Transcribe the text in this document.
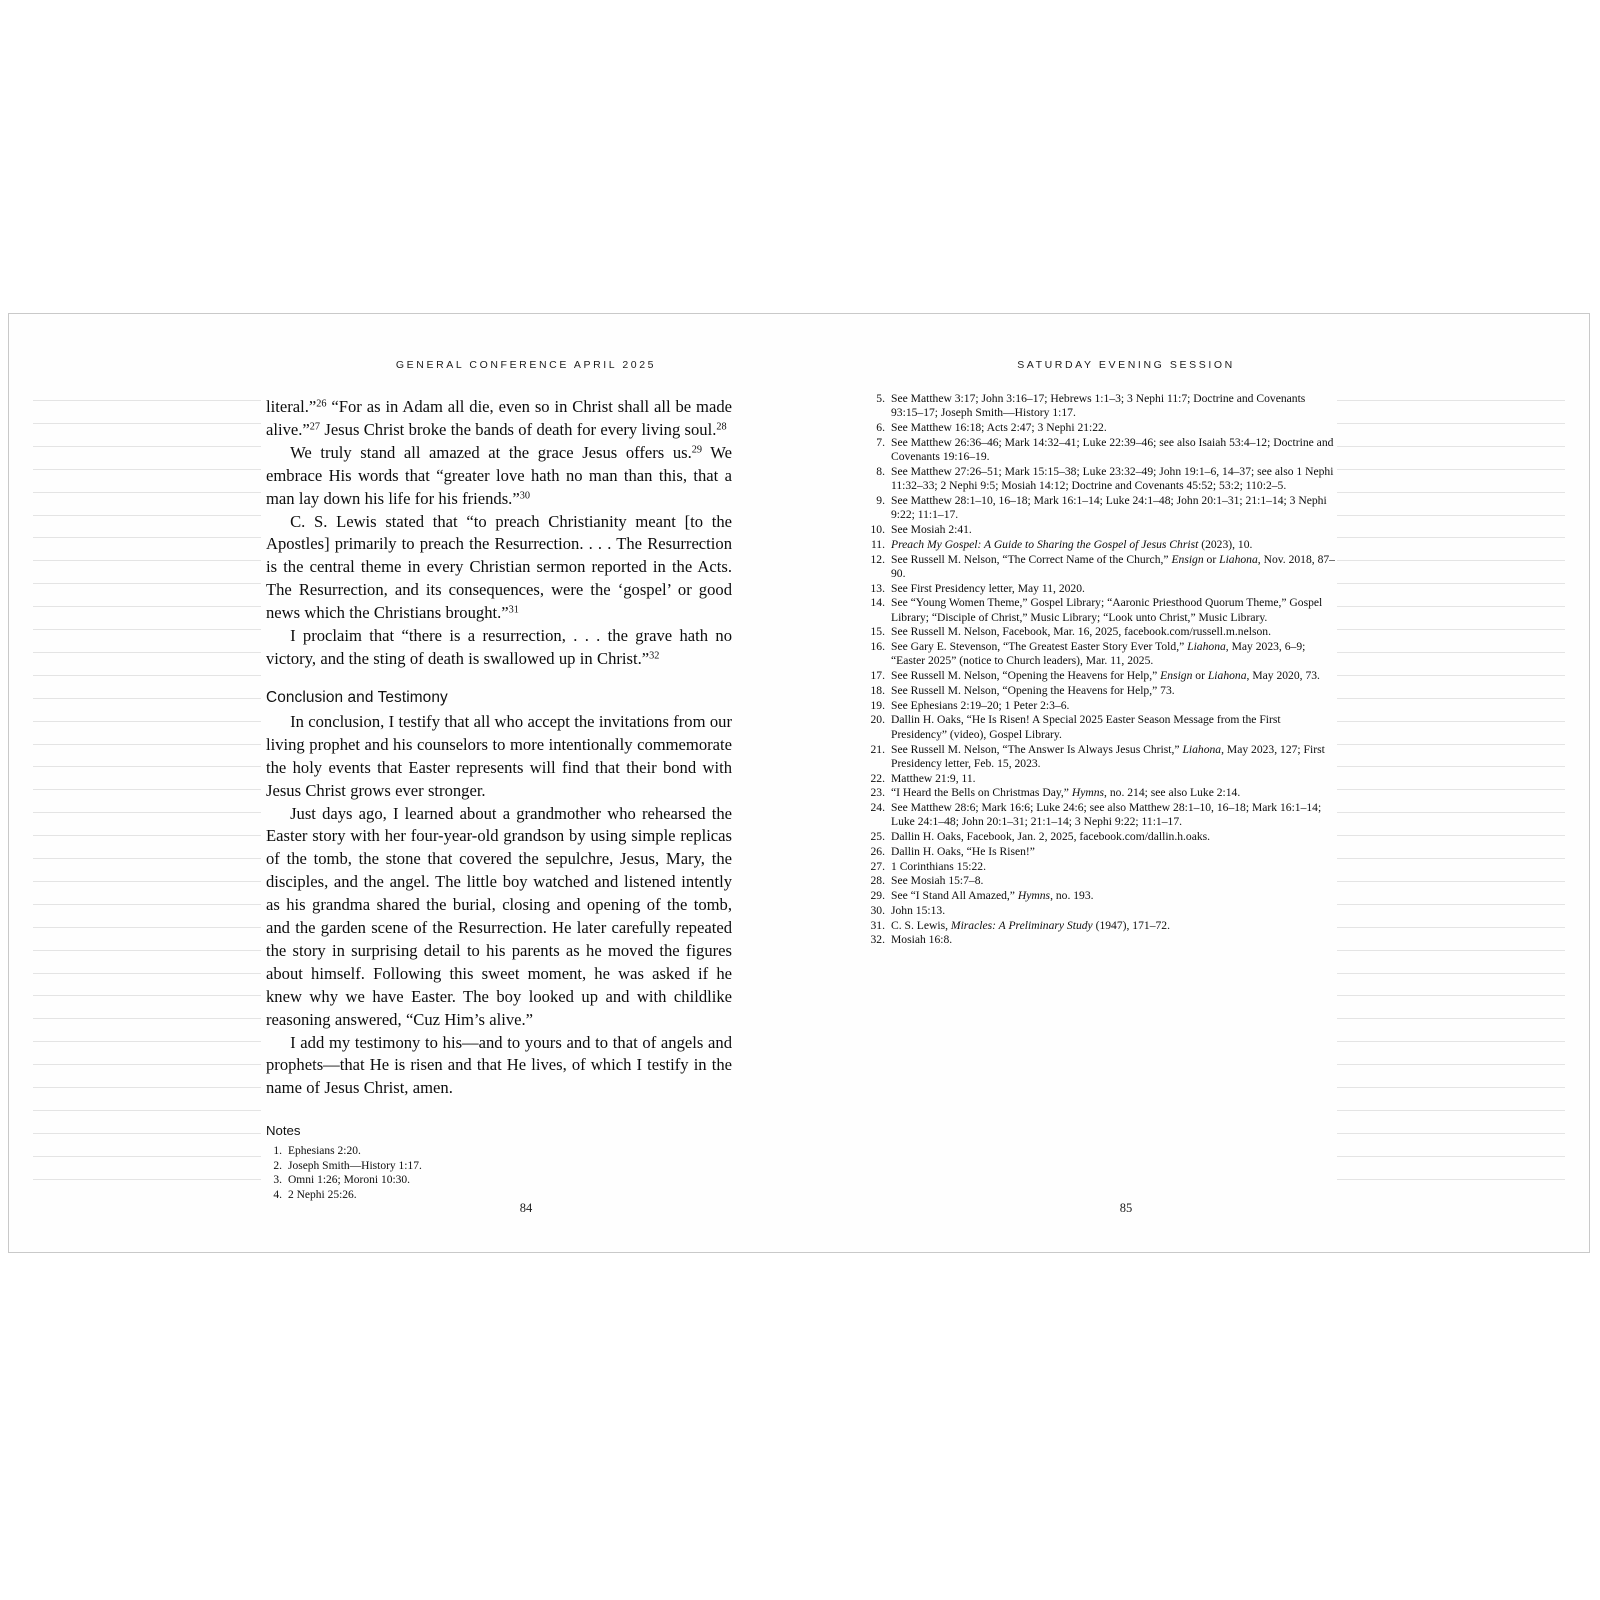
GENERAL CONFERENCE APRIL 2025

literal.”$^{26}$ “For as in Adam all die, even so in Christ shall all be made alive.”$^{27}$ Jesus Christ broke the bands of death for every living soul.$^{28}$

We truly stand all amazed at the grace Jesus offers us.$^{29}$ We embrace His words that “greater love hath no man than this, that a man lay down his life for his friends.”$^{30}$

C. S. Lewis stated that “to preach Christianity meant [to the Apostles] primarily to preach the Resurrection. . . . The Resurrection is the central theme in every Christian sermon reported in the Acts. The Resurrection, and its consequences, were the ‘gospel’ or good news which the Christians brought.”$^{31}$

I proclaim that “there is a resurrection, . . . the grave hath no victory, and the sting of death is swallowed up in Christ.”$^{32}$

Conclusion and Testimony

In conclusion, I testify that all who accept the invitations from our living prophet and his counselors to more intentionally commemorate the holy events that Easter represents will find that their bond with Jesus Christ grows ever stronger.

Just days ago, I learned about a grandmother who rehearsed the Easter story with her four-year-old grandson by using simple replicas of the tomb, the stone that covered the sepulchre, Jesus, Mary, the disciples, and the angel. The little boy watched and listened intently as his grandma shared the burial, closing and opening of the tomb, and the garden scene of the Resurrection. He later carefully repeated the story in surprising detail to his parents as he moved the figures about himself. Following this sweet moment, he was asked if he knew why we have Easter. The boy looked up and with childlike reasoning answered, “Cuz Him’s alive.”

I add my testimony to his—and to yours and to that of angels and prophets—that He is risen and that He lives, of which I testify in the name of Jesus Christ, amen.

Notes
1. Ephesians 2:20.
2. Joseph Smith—History 1:17.
3. Omni 1:26; Moroni 10:30.
4. 2 Nephi 25:26.
84
SATURDAY EVENING SESSION
5. See Matthew 3:17; John 3:16–17; Hebrews 1:1–3; 3 Nephi 11:7; Doctrine and Covenants 93:15–17; Joseph Smith—History 1:17.
6. See Matthew 16:18; Acts 2:47; 3 Nephi 21:22.
7. See Matthew 26:36–46; Mark 14:32–41; Luke 22:39–46; see also Isaiah 53:4–12; Doctrine and Covenants 19:16–19.
8. See Matthew 27:26–51; Mark 15:15–38; Luke 23:32–49; John 19:1–6, 14–37; see also 1 Nephi 11:32–33; 2 Nephi 9:5; Mosiah 14:12; Doctrine and Covenants 45:52; 53:2; 110:2–5.
9. See Matthew 28:1–10, 16–18; Mark 16:1–14; Luke 24:1–48; John 20:1–31; 21:1–14; 3 Nephi 9:22; 11:1–17.
10. See Mosiah 2:41.
11. Preach My Gospel: A Guide to Sharing the Gospel of Jesus Christ (2023), 10.
12. See Russell M. Nelson, “The Correct Name of the Church,” Ensign or Liahona, Nov. 2018, 87–90.
13. See First Presidency letter, May 11, 2020.
14. See “Young Women Theme,” Gospel Library; “Aaronic Priesthood Quorum Theme,” Gospel Library; “Disciple of Christ,” Music Library; “Look unto Christ,” Music Library.
15. See Russell M. Nelson, Facebook, Mar. 16, 2025, facebook.com/russell.m.nelson.
16. See Gary E. Stevenson, “The Greatest Easter Story Ever Told,” Liahona, May 2023, 6–9; “Easter 2025” (notice to Church leaders), Mar. 11, 2025.
17. See Russell M. Nelson, “Opening the Heavens for Help,” Ensign or Liahona, May 2020, 73.
18. See Russell M. Nelson, “Opening the Heavens for Help,” 73.
19. See Ephesians 2:19–20; 1 Peter 2:3–6.
20. Dallin H. Oaks, “He Is Risen! A Special 2025 Easter Season Message from the First Presidency” (video), Gospel Library.
21. See Russell M. Nelson, “The Answer Is Always Jesus Christ,” Liahona, May 2023, 127; First Presidency letter, Feb. 15, 2023.
22. Matthew 21:9, 11.
23. “I Heard the Bells on Christmas Day,” Hymns, no. 214; see also Luke 2:14.
24. See Matthew 28:6; Mark 16:6; Luke 24:6; see also Matthew 28:1–10, 16–18; Mark 16:1–14; Luke 24:1–48; John 20:1–31; 21:1–14; 3 Nephi 9:22; 11:1–17.
25. Dallin H. Oaks, Facebook, Jan. 2, 2025, facebook.com/dallin.h.oaks.
26. Dallin H. Oaks, “He Is Risen!”
27. 1 Corinthians 15:22.
28. See Mosiah 15:7–8.
29. See “I Stand All Amazed,” Hymns, no. 193.
30. John 15:13.
31. C. S. Lewis, Miracles: A Preliminary Study (1947), 171–72.
32. Mosiah 16:8.
85
